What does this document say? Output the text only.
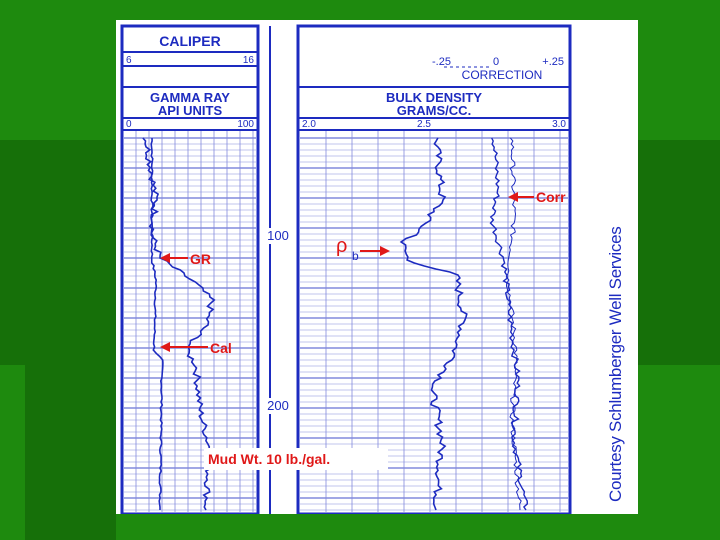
CALIPER
6	16
GAMMA RAY
API UNITS
0	100
-.25	0	+.25
CORRECTION
BULK DENSITY
GRAMS/CC.
2.0	2.5	3.0
100
200
GR
Cal
ρ b
Corr
Mud Wt. 10 lb./gal.	Courtesy Schlumberger Well Services
